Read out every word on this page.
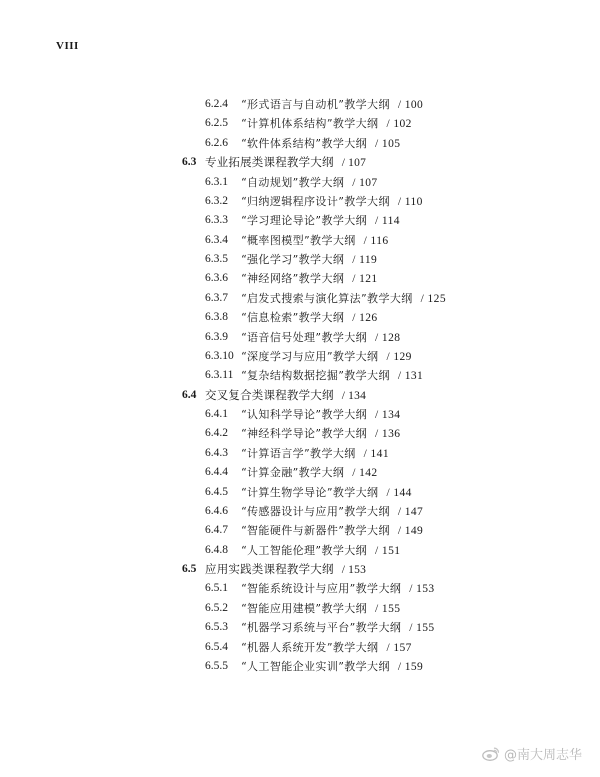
VIII
6.2.4 “形式语言与自动机”教学大纲 / 100
6.2.5 “计算机体系结构”教学大纲 / 102
6.2.6 “软件体系结构”教学大纲 / 105
6.3 专业拓展类课程教学大纲 / 107
6.3.1 “自动规划”教学大纲 / 107
6.3.2 “归纳逻辑程序设计”教学大纲 / 110
6.3.3 “学习理论导论”教学大纲 / 114
6.3.4 “概率图模型”教学大纲 / 116
6.3.5 “强化学习”教学大纲 / 119
6.3.6 “神经网络”教学大纲 / 121
6.3.7 “启发式搜索与演化算法”教学大纲 / 125
6.3.8 “信息检索”教学大纲 / 126
6.3.9 “语音信号处理”教学大纲 / 128
6.3.10 “深度学习与应用”教学大纲 / 129
6.3.11 “复杂结构数据挖掘”教学大纲 / 131
6.4 交叉复合类课程教学大纲 / 134
6.4.1 “认知科学导论”教学大纲 / 134
6.4.2 “神经科学导论”教学大纲 / 136
6.4.3 “计算语言学”教学大纲 / 141
6.4.4 “计算金融”教学大纲 / 142
6.4.5 “计算生物学导论”教学大纲 / 144
6.4.6 “传感器设计与应用”教学大纲 / 147
6.4.7 “智能硬件与新器件”教学大纲 / 149
6.4.8 “人工智能伦理”教学大纲 / 151
6.5 应用实践类课程教学大纲 / 153
6.5.1 “智能系统设计与应用”教学大纲 / 153
6.5.2 “智能应用建模”教学大纲 / 155
6.5.3 “机器学习系统与平台”教学大纲 / 155
6.5.4 “机器人系统开发”教学大纲 / 157
6.5.5 “人工智能企业实训”教学大纲 / 159
@南大周志华
